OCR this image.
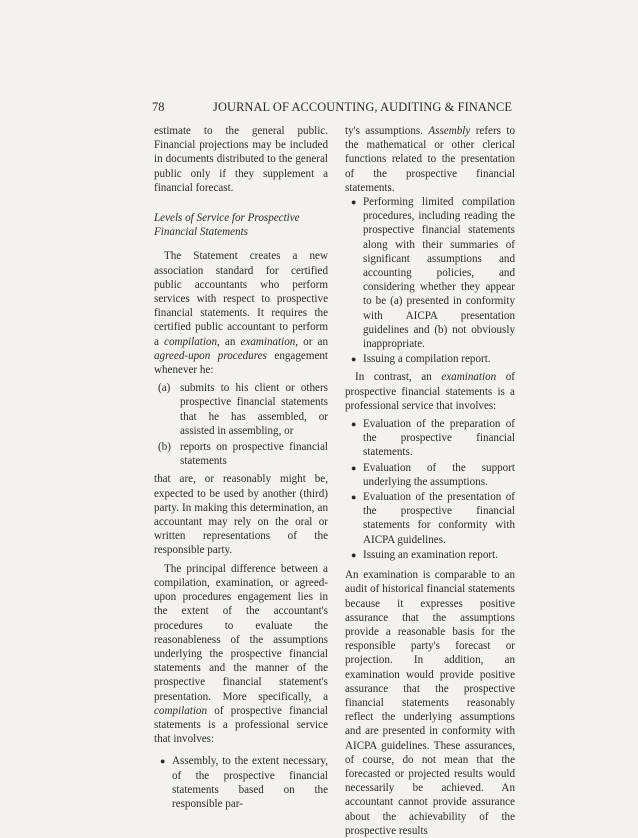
78	JOURNAL OF ACCOUNTING, AUDITING & FINANCE

estimate to the general public. Financial projections may be included in documents distributed to the general public only if they supplement a financial forecast.

Levels of Service for Prospective Financial Statements

The Statement creates a new association standard for certified public accountants who perform services with respect to prospective financial statements. It requires the certified public accountant to perform a compilation, an examination, or an agreed-upon procedures engagement whenever he:

(a) submits to his client or others prospective financial statements that he has assembled, or assisted in assembling, or
(b) reports on prospective financial statements

that are, or reasonably might be, expected to be used by another (third) party. In making this determination, an accountant may rely on the oral or written representations of the responsible party.

The principal difference between a compilation, examination, or agreed-upon procedures engagement lies in the extent of the accountant's procedures to evaluate the reasonableness of the assumptions underlying the prospective financial statements and the manner of the prospective financial statement's presentation. More specifically, a compilation of prospective financial statements is a professional service that involves:

● Assembly, to the extent necessary, of the prospective financial statements based on the responsible par-

ty's assumptions. Assembly refers to the mathematical or other clerical functions related to the presentation of the prospective financial statements.

● Performing limited compilation procedures, including reading the prospective financial statements along with their summaries of significant assumptions and accounting policies, and considering whether they appear to be (a) presented in conformity with AICPA presentation guidelines and (b) not obviously inappropriate.
● Issuing a compilation report.

In contrast, an examination of prospective financial statements is a professional service that involves:

● Evaluation of the preparation of the prospective financial statements.
● Evaluation of the support underlying the assumptions.
● Evaluation of the presentation of the prospective financial statements for conformity with AICPA guidelines.
● Issuing an examination report.

An examination is comparable to an audit of historical financial statements because it expresses positive assurance that the assumptions provide a reasonable basis for the responsible party's forecast or projection. In addition, an examination would provide positive assurance that the prospective financial statements reasonably reflect the underlying assumptions and are presented in conformity with AICPA guidelines. These assurances, of course, do not mean that the forecasted or projected results would necessarily be achieved. An accountant cannot provide assurance about the achievability of the prospective results
